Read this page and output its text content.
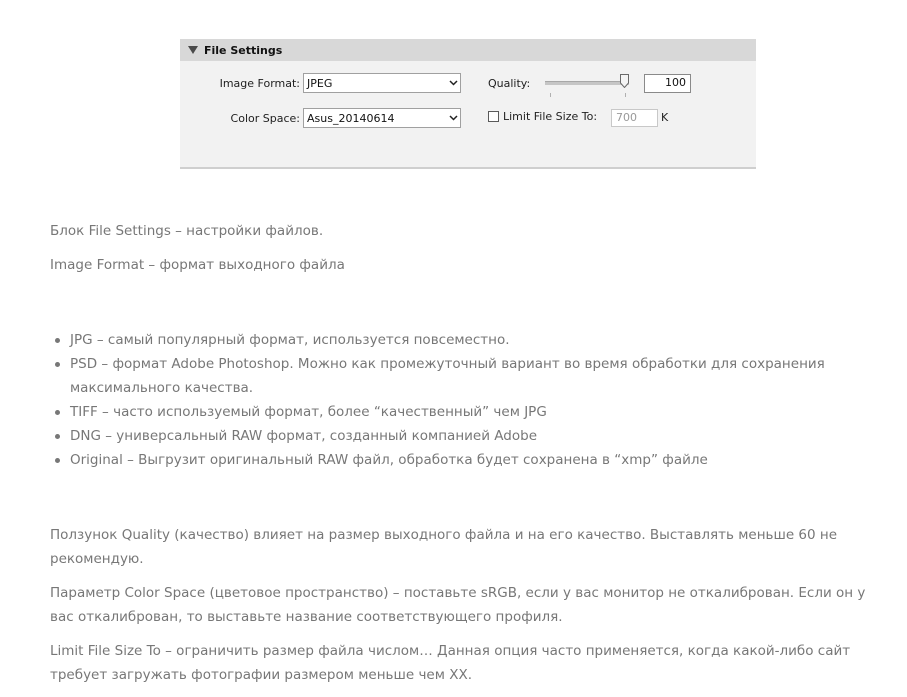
File Settings
Image Format: JPEG	Quality:	100
Color Space: Asus_20140614	Limit File Size To:	700	K

Блок File Settings – настройки файлов.

Image Format – формат выходного файла

JPG – самый популярный формат, используется повсеместно.
PSD – формат Adobe Photoshop. Можно как промежуточный вариант во время обработки для сохранения максимального качества.
TIFF – часто используемый формат, более “качественный” чем JPG
DNG – универсальный RAW формат, созданный компанией Adobe
Original – Выгрузит оригинальный RAW файл, обработка будет сохранена в “xmp” файле

Ползунок Quality (качество) влияет на размер выходного файла и на его качество. Выставлять меньше 60 не рекомендую.

Параметр Color Space (цветовое пространство) – поставьте sRGB, если у вас монитор не откалиброван. Если он у вас откалиброван, то выставьте название соответствующего профиля.

Limit File Size To – ограничить размер файла числом… Данная опция часто применяется, когда какой-либо сайт требует загружать фотографии размером меньше чем XX.
